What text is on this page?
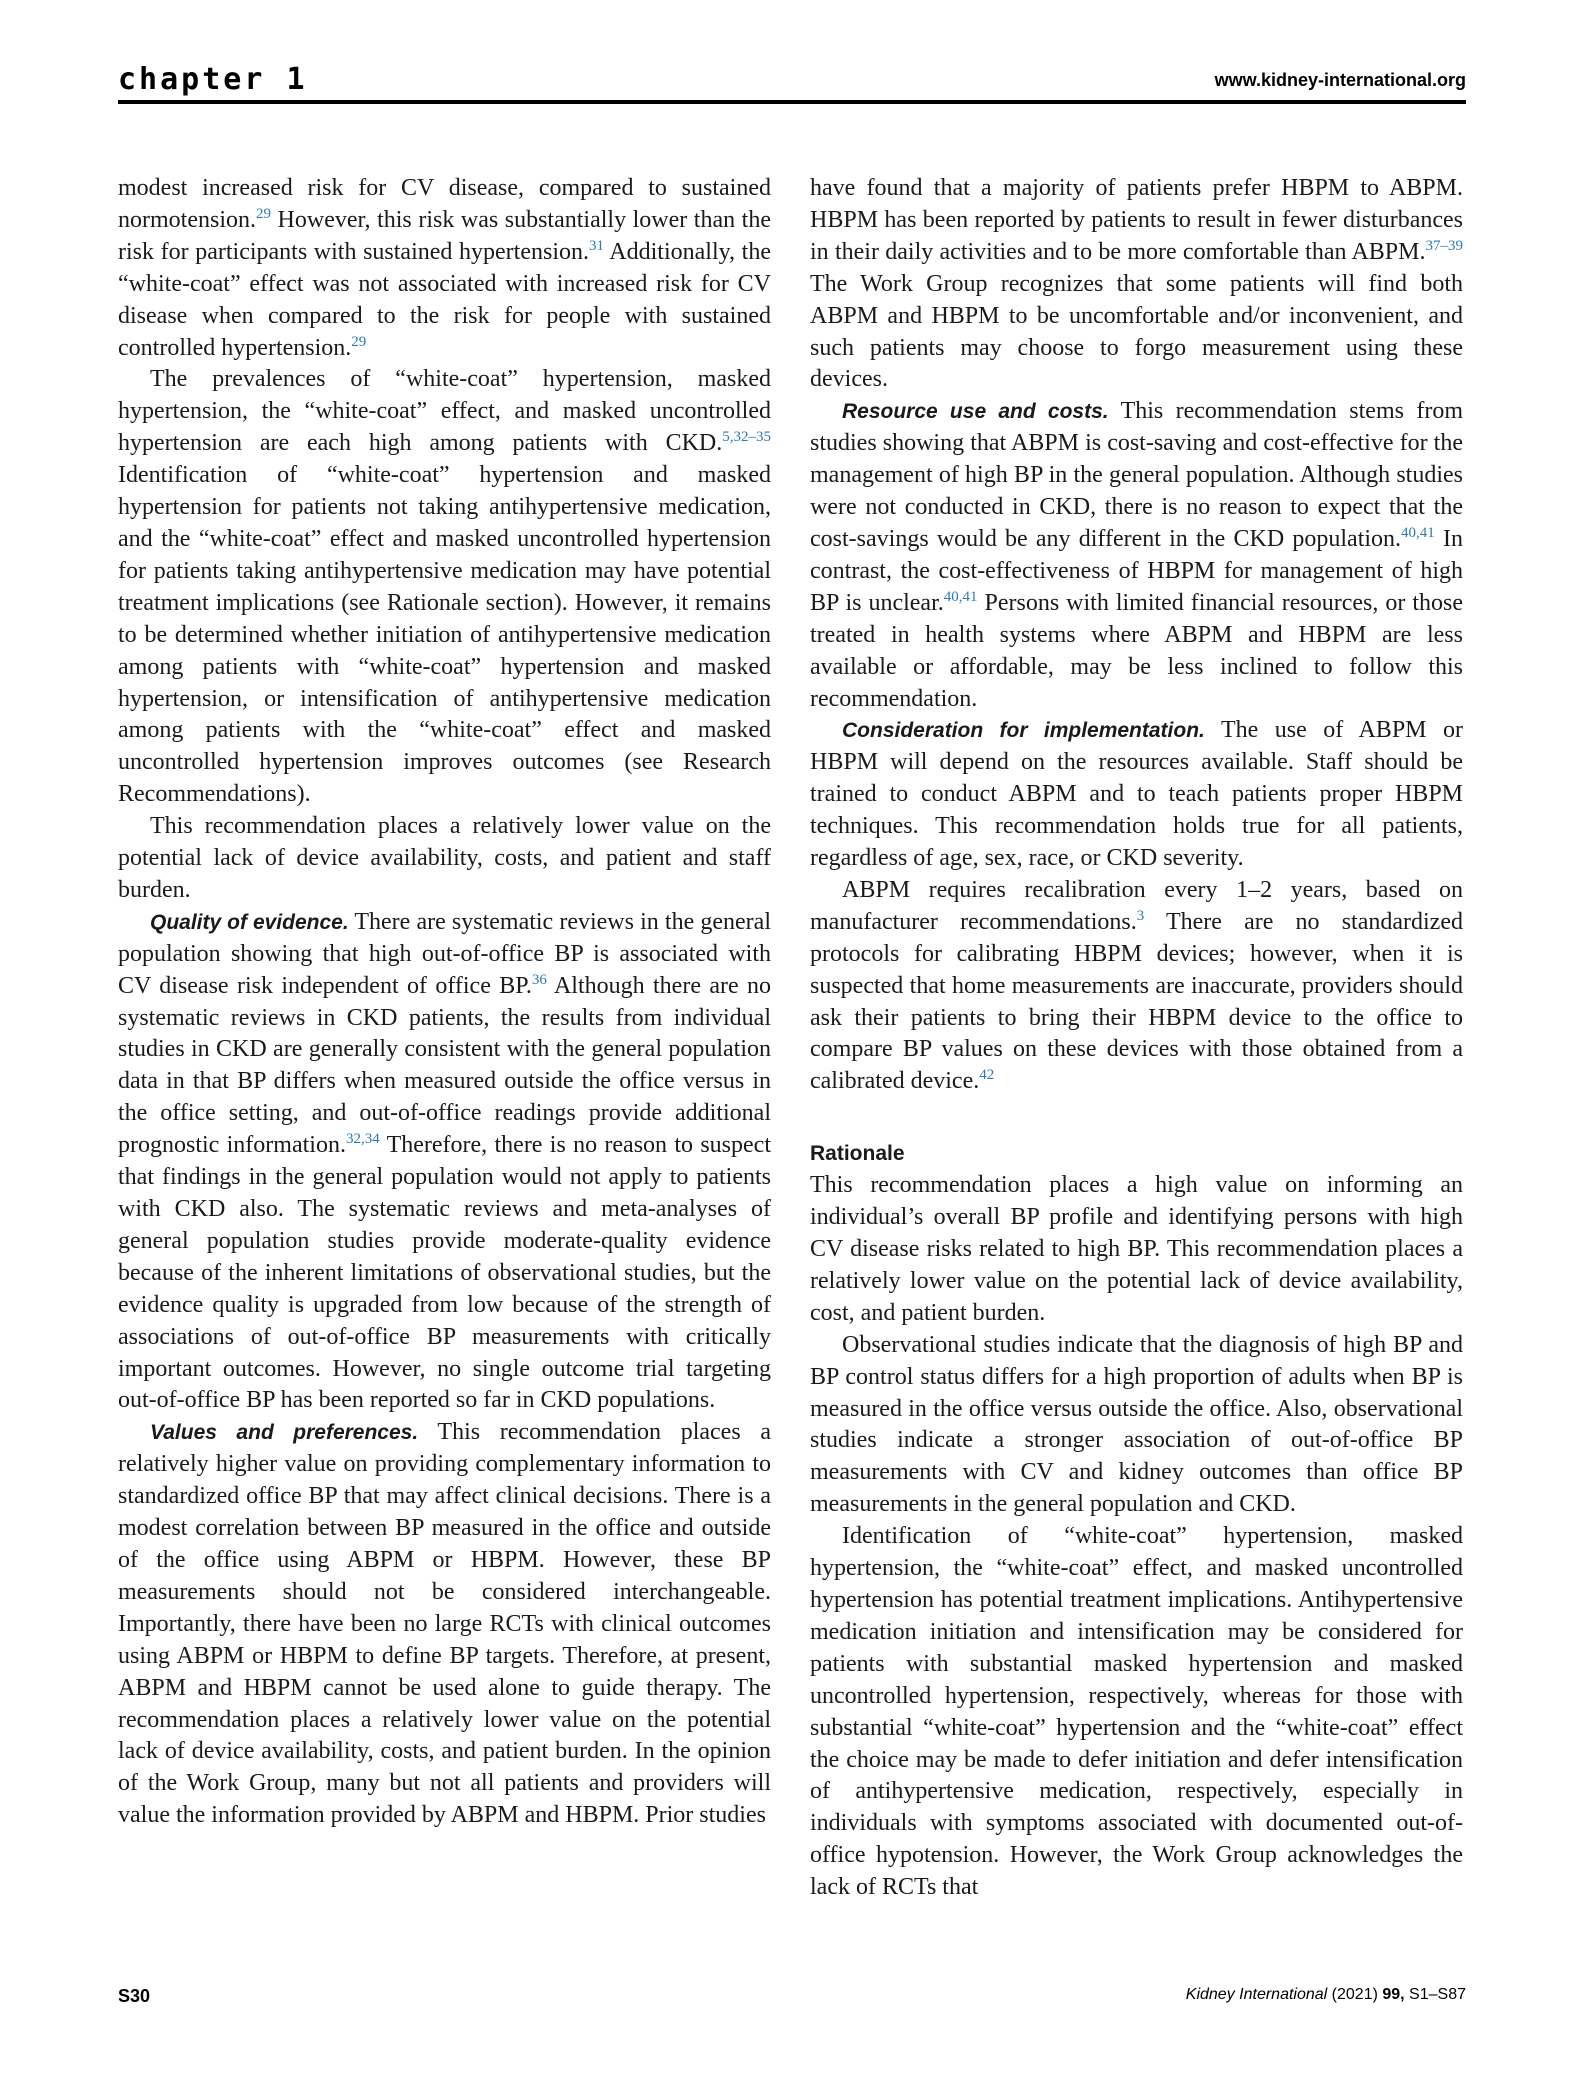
chapter 1	www.kidney-international.org

modest increased risk for CV disease, compared to sustained normotension.$^{29}$ However, this risk was substantially lower than the risk for participants with sustained hypertension.$^{31}$ Additionally, the “white-coat” effect was not associated with increased risk for CV disease when compared to the risk for people with sustained controlled hypertension.$^{29}$

The prevalences of “white-coat” hypertension, masked hypertension, the “white-coat” effect, and masked uncontrolled hypertension are each high among patients with CKD.$^{5,32-35}$ Identification of “white-coat” hypertension and masked hypertension for patients not taking antihypertensive medication, and the “white-coat” effect and masked uncontrolled hypertension for patients taking antihypertensive medication may have potential treatment implications (see Rationale section). However, it remains to be determined whether initiation of antihypertensive medication among patients with “white-coat” hypertension and masked hypertension, or intensification of antihypertensive medication among patients with the “white-coat” effect and masked uncontrolled hypertension improves outcomes (see Research Recommendations).

This recommendation places a relatively lower value on the potential lack of device availability, costs, and patient and staff burden.

Quality of evidence. There are systematic reviews in the general population showing that high out-of-office BP is associated with CV disease risk independent of office BP.$^{36}$ Although there are no systematic reviews in CKD patients, the results from individual studies in CKD are generally consistent with the general population data in that BP differs when measured outside the office versus in the office setting, and out-of-office readings provide additional prognostic information.$^{32,34}$ Therefore, there is no reason to suspect that findings in the general population would not apply to patients with CKD also. The systematic reviews and meta-analyses of general population studies provide moderate-quality evidence because of the inherent limitations of observational studies, but the evidence quality is upgraded from low because of the strength of associations of out-of-office BP measurements with critically important outcomes. However, no single outcome trial targeting out-of-office BP has been reported so far in CKD populations.

Values and preferences. This recommendation places a relatively higher value on providing complementary information to standardized office BP that may affect clinical decisions. There is a modest correlation between BP measured in the office and outside of the office using ABPM or HBPM. However, these BP measurements should not be considered interchangeable. Importantly, there have been no large RCTs with clinical outcomes using ABPM or HBPM to define BP targets. Therefore, at present, ABPM and HBPM cannot be used alone to guide therapy. The recommendation places a relatively lower value on the potential lack of device availability, costs, and patient burden. In the opinion of the Work Group, many but not all patients and providers will value the information provided by ABPM and HBPM. Prior studies

have found that a majority of patients prefer HBPM to ABPM. HBPM has been reported by patients to result in fewer disturbances in their daily activities and to be more comfortable than ABPM.$^{37-39}$ The Work Group recognizes that some patients will find both ABPM and HBPM to be uncomfortable and/or inconvenient, and such patients may choose to forgo measurement using these devices.

Resource use and costs. This recommendation stems from studies showing that ABPM is cost-saving and cost-effective for the management of high BP in the general population. Although studies were not conducted in CKD, there is no reason to expect that the cost-savings would be any different in the CKD population.$^{40,41}$ In contrast, the cost-effectiveness of HBPM for management of high BP is unclear.$^{40,41}$ Persons with limited financial resources, or those treated in health systems where ABPM and HBPM are less available or affordable, may be less inclined to follow this recommendation.

Consideration for implementation. The use of ABPM or HBPM will depend on the resources available. Staff should be trained to conduct ABPM and to teach patients proper HBPM techniques. This recommendation holds true for all patients, regardless of age, sex, race, or CKD severity.

ABPM requires recalibration every 1–2 years, based on manufacturer recommendations.$^3$ There are no standardized protocols for calibrating HBPM devices; however, when it is suspected that home measurements are inaccurate, providers should ask their patients to bring their HBPM device to the office to compare BP values on these devices with those obtained from a calibrated device.$^{42}$

Rationale

This recommendation places a high value on informing an individual’s overall BP profile and identifying persons with high CV disease risks related to high BP. This recommendation places a relatively lower value on the potential lack of device availability, cost, and patient burden.

Observational studies indicate that the diagnosis of high BP and BP control status differs for a high proportion of adults when BP is measured in the office versus outside the office. Also, observational studies indicate a stronger association of out-of-office BP measurements with CV and kidney outcomes than office BP measurements in the general population and CKD.

Identification of “white-coat” hypertension, masked hypertension, the “white-coat” effect, and masked uncontrolled hypertension has potential treatment implications. Antihypertensive medication initiation and intensification may be considered for patients with substantial masked hypertension and masked uncontrolled hypertension, respectively, whereas for those with substantial “white-coat” hypertension and the “white-coat” effect the choice may be made to defer initiation and defer intensification of antihypertensive medication, respectively, especially in individuals with symptoms associated with documented out-of-office hypotension. However, the Work Group acknowledges the lack of RCTs that

S30	Kidney International (2021) 99, S1–S87
